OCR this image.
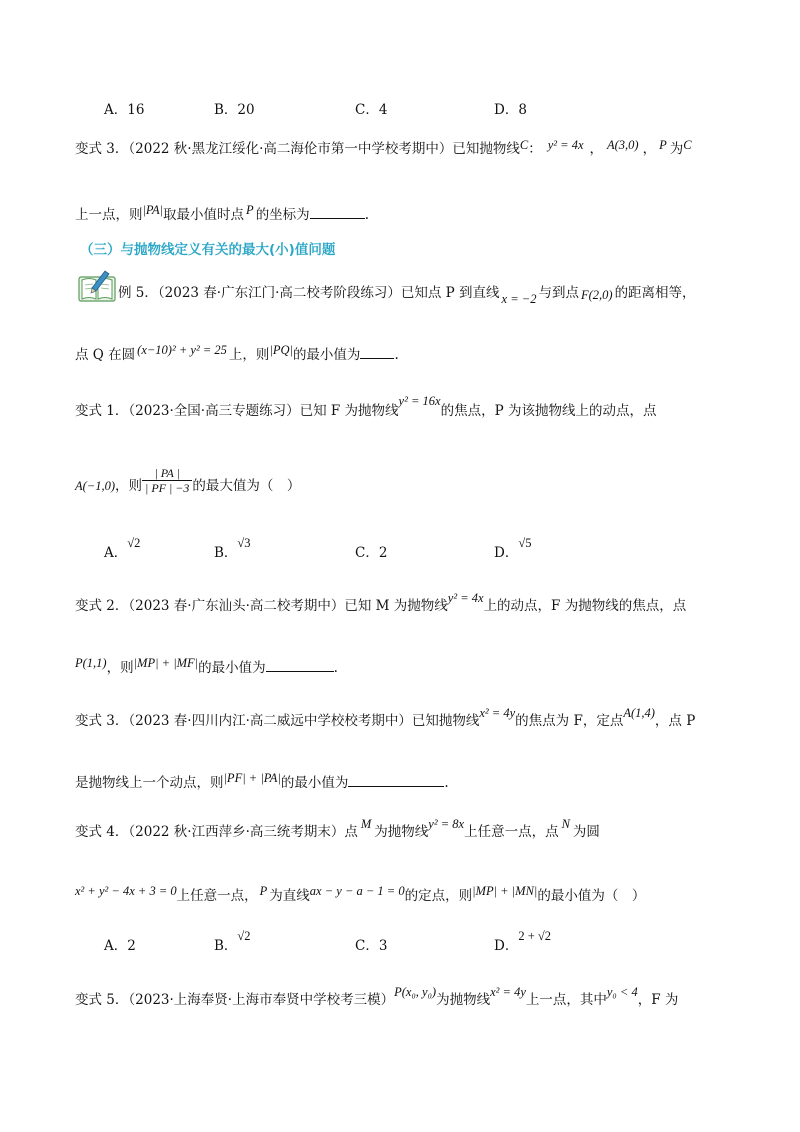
A．16	B．20	C．4	D．8
变式 3．（2022 秋·黑龙江绥化·高二海伦市第一中学校考期中）已知抛物线C： y² = 4x ， A(3,0) ， P 为C
上一点，则|PA|取最小值时点 P 的坐标为	.
（三）与抛物线定义有关的最大(小)值问题
例 5．（2023 春·广东江门·高二校考阶段练习）已知点 P 到直线 x = −2 与到点 F(2,0) 的距离相等，
点 Q 在圆 (x−10)² + y² = 25 上，则|PQ|的最小值为	.
变式 1．（2023·全国·高三专题练习）已知 F 为抛物线y² = 16x的焦点，P 为该抛物线上的动点，点
A(−1,0)，则 $\frac{| PA |}{| PF | -3}$ 的最大值为（　）
A．√2
B．√3
C．2	D．√5
变式 2．（2023 春·广东汕头·高二校考期中）已知 M 为抛物线y² = 4x上的动点，F 为抛物线的焦点，点
P(1,1)，则|MP| + |MF|的最小值为	.
变式 3．（2023 春·四川内江·高二威远中学校校考期中）已知抛物线x² = 4y的焦点为 F，定点A(1,4)，点 P
是抛物线上一个动点，则|PF| + |PA|的最小值为	.
变式 4．（2022 秋·江西萍乡·高三统考期末）点 M 为抛物线y² = 8x上任意一点，点 N 为圆
x² + y² − 4x + 3 = 0上任意一点， P 为直线ax − y − a − 1 = 0的定点，则|MP| + |MN|的最小值为（　）
A．2	B．√2
C．3	D．2 + √2
变式 5．（2023·上海奉贤·上海市奉贤中学校考三模）P(x₀, y₀)为抛物线x² = 4y上一点，其中y₀ < 4，F 为
